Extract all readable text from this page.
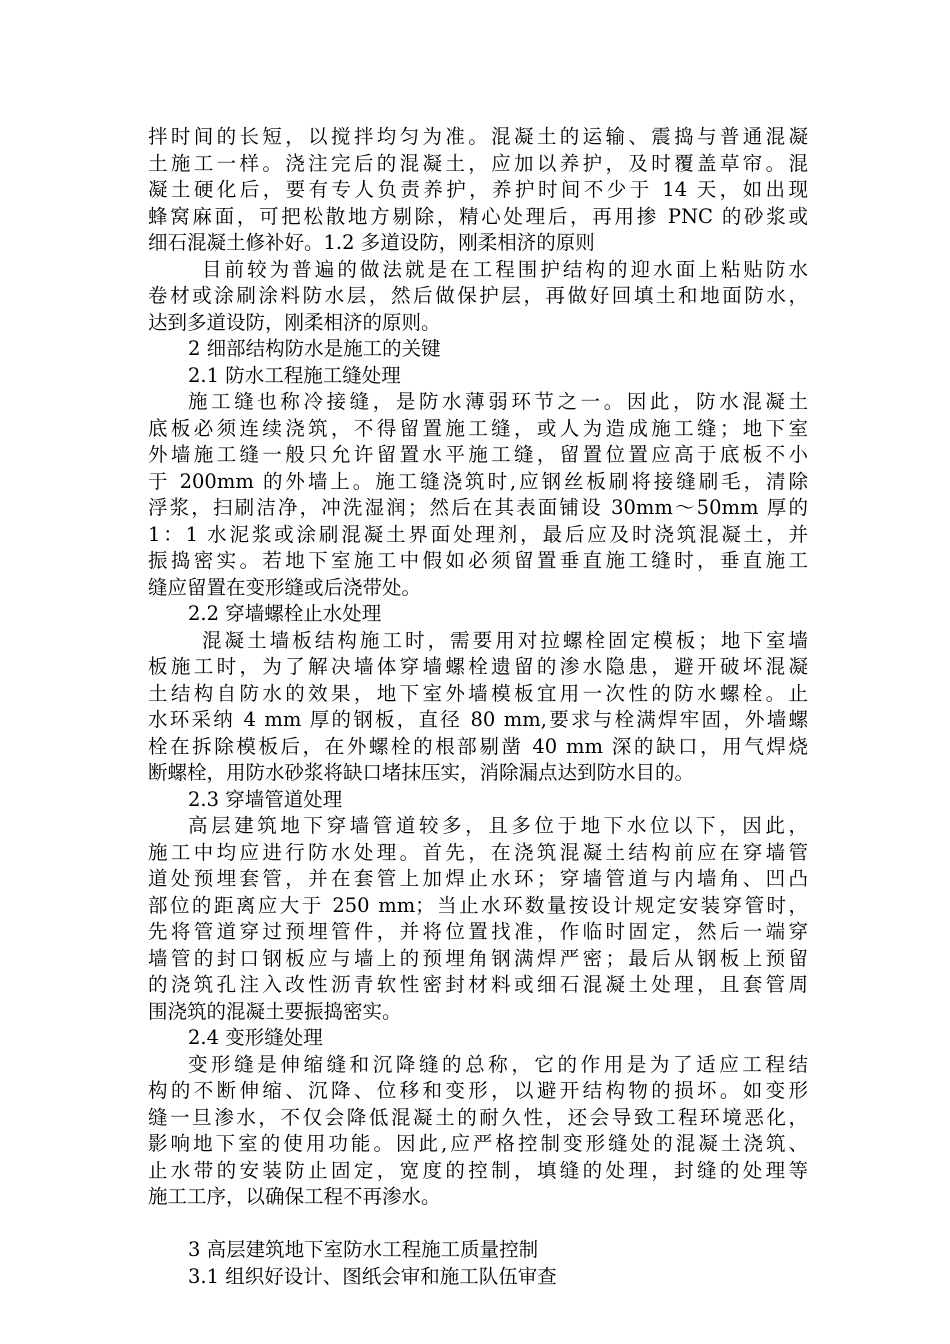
拌时间的长短，以搅拌均匀为准。混凝土的运输、震捣与普通混凝
土施工一样。浇注完后的混凝土，应加以养护，及时覆盖草帘。混
凝土硬化后，要有专人负责养护，养护时间不少于 14 天，如出现
蜂窝麻面，可把松散地方剔除，精心处理后，再用掺 PNC 的砂浆或
细石混凝土修补好。1.2 多道设防，刚柔相济的原则
目前较为普遍的做法就是在工程围护结构的迎水面上粘贴防水
卷材或涂刷涂料防水层，然后做保护层，再做好回填土和地面防水，
达到多道设防，刚柔相济的原则。
2 细部结构防水是施工的关键
2.1 防水工程施工缝处理
施工缝也称冷接缝，是防水薄弱环节之一。因此，防水混凝土
底板必须连续浇筑，不得留置施工缝，或人为造成施工缝；地下室
外墙施工缝一般只允许留置水平施工缝，留置位置应高于底板不小
于 200mm 的外墙上。施工缝浇筑时,应钢丝板刷将接缝刷毛，清除
浮浆，扫刷洁净，冲洗湿润；然后在其表面铺设 30mm～50mm 厚的
1：1 水泥浆或涂刷混凝土界面处理剂，最后应及时浇筑混凝土，并
振捣密实。若地下室施工中假如必须留置垂直施工缝时，垂直施工
缝应留置在变形缝或后浇带处。
2.2 穿墙螺栓止水处理
混凝土墙板结构施工时，需要用对拉螺栓固定模板；地下室墙
板施工时，为了解决墙体穿墙螺栓遗留的渗水隐患，避开破坏混凝
土结构自防水的效果，地下室外墙模板宜用一次性的防水螺栓。止
水环采纳 4 mm 厚的钢板，直径 80 mm,要求与栓满焊牢固，外墙螺
栓在拆除模板后，在外螺栓的根部剔凿 40 mm 深的缺口，用气焊烧
断螺栓，用防水砂浆将缺口堵抹压实，消除漏点达到防水目的。
2.3 穿墙管道处理
高层建筑地下穿墙管道较多，且多位于地下水位以下，因此，
施工中均应进行防水处理。首先，在浇筑混凝土结构前应在穿墙管
道处预埋套管，并在套管上加焊止水环；穿墙管道与内墙角、凹凸
部位的距离应大于 250 mm；当止水环数量按设计规定安装穿管时，
先将管道穿过预埋管件，并将位置找准，作临时固定，然后一端穿
墙管的封口钢板应与墙上的预埋角钢满焊严密；最后从钢板上预留
的浇筑孔注入改性沥青软性密封材料或细石混凝土处理，且套管周
围浇筑的混凝土要振捣密实。
2.4 变形缝处理
变形缝是伸缩缝和沉降缝的总称，它的作用是为了适应工程结
构的不断伸缩、沉降、位移和变形，以避开结构物的损坏。如变形
缝一旦渗水，不仅会降低混凝土的耐久性，还会导致工程环境恶化，
影响地下室的使用功能。因此,应严格控制变形缝处的混凝土浇筑、
止水带的安装防止固定，宽度的控制，填缝的处理，封缝的处理等
施工工序，以确保工程不再渗水。
3 高层建筑地下室防水工程施工质量控制
3.1 组织好设计、图纸会审和施工队伍审查
